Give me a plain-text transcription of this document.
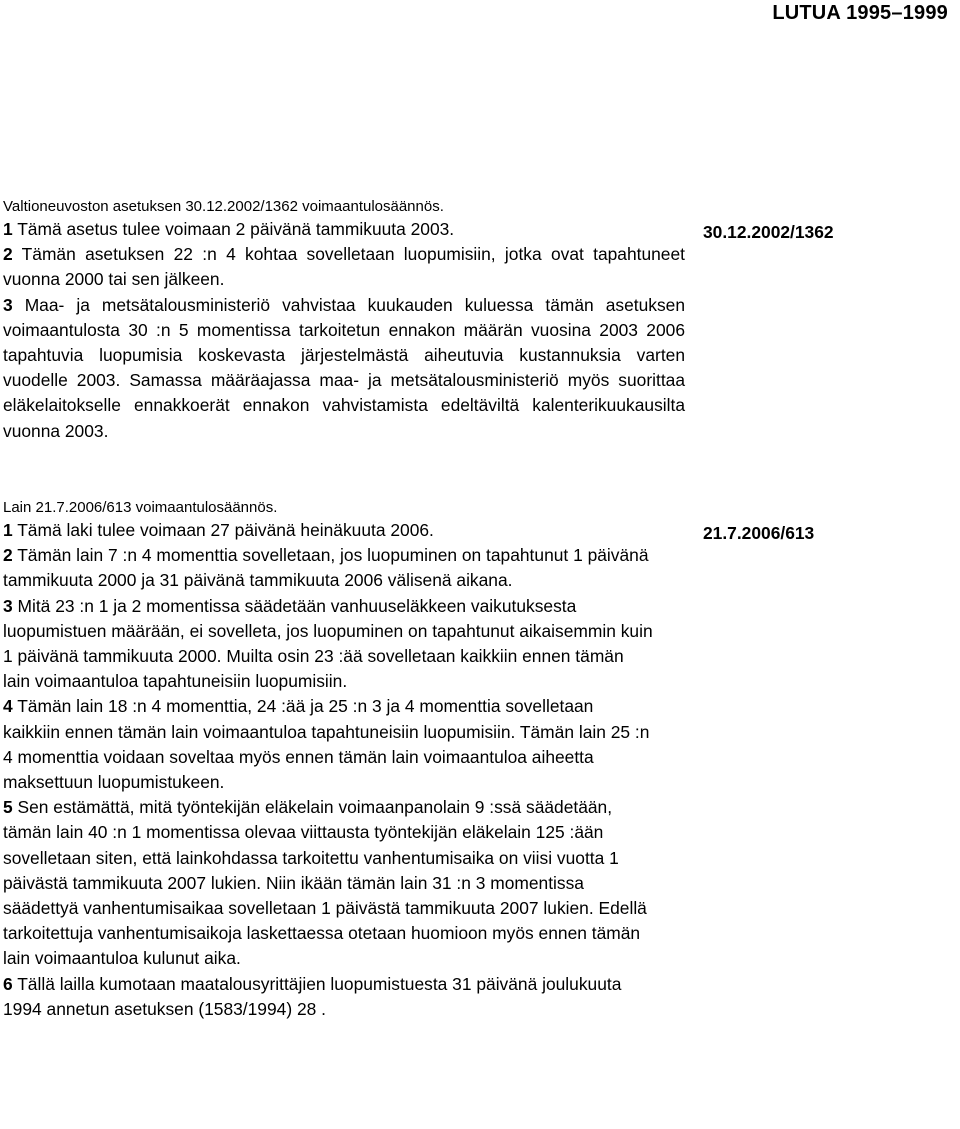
LUTUA 1995–1999
Valtioneuvoston asetuksen 30.12.2002/1362 voimaantulosäännös.

1 Tämä asetus tulee voimaan 2 päivänä tammikuuta 2003.

2 Tämän asetuksen 22 :n 4 kohtaa sovelletaan luopumisiin, jotka ovat tapahtuneet vuonna 2000 tai sen jälkeen.

3 Maa- ja metsätalousministeriö vahvistaa kuukauden kuluessa tämän asetuksen voimaantulosta 30 :n 5 momentissa tarkoitetun ennakon määrän vuosina 2003 2006 tapahtuvia luopumisia koskevasta järjestelmästä aiheutuvia kustannuksia varten vuodelle 2003. Samassa määräajassa maa- ja metsätalousministeriö myös suorittaa eläkelaitokselle ennakkoerät ennakon vahvistamista edeltäviltä kalenterikuukausilta vuonna 2003.

30.12.2002/1362
Lain 21.7.2006/613 voimaantulosäännös.

1 Tämä laki tulee voimaan 27 päivänä heinäkuuta 2006.

2 Tämän lain 7 :n 4 momenttia sovelletaan, jos luopuminen on tapahtunut 1 päivänä tammikuuta 2000 ja 31 päivänä tammikuuta 2006 välisenä aikana.

3 Mitä 23 :n 1 ja 2 momentissa säädetään vanhuuseläkkeen vaikutuksesta luopumistuen määrään, ei sovelleta, jos luopuminen on tapahtunut aikaisemmin kuin 1 päivänä tammikuuta 2000. Muilta osin 23 :ää sovelletaan kaikkiin ennen tämän lain voimaantuloa tapahtuneisiin luopumisiin.

4 Tämän lain 18 :n 4 momenttia, 24 :ää ja 25 :n 3 ja 4 momenttia sovelletaan kaikkiin ennen tämän lain voimaantuloa tapahtuneisiin luopumisiin. Tämän lain 25 :n 4 momenttia voidaan soveltaa myös ennen tämän lain voimaantuloa aiheetta maksettuun luopumistukeen.

5 Sen estämättä, mitä työntekijän eläkelain voimaanpanolain 9 :ssä säädetään, tämän lain 40 :n 1 momentissa olevaa viittausta työntekijän eläkelain 125 :ään sovelletaan siten, että lainkohdassa tarkoitettu vanhentumisaika on viisi vuotta 1 päivästä tammikuuta 2007 lukien. Niin ikään tämän lain 31 :n 3 momentissa säädettyä vanhentumisaikaa sovelletaan 1 päivästä tammikuuta 2007 lukien. Edellä tarkoitettuja vanhentumisaikoja laskettaessa otetaan huomioon myös ennen tämän lain voimaantuloa kulunut aika.

6 Tällä lailla kumotaan maatalousyrittäjien luopumistuesta 31 päivänä joulukuuta 1994 annetun asetuksen (1583/1994) 28 .

21.7.2006/613
